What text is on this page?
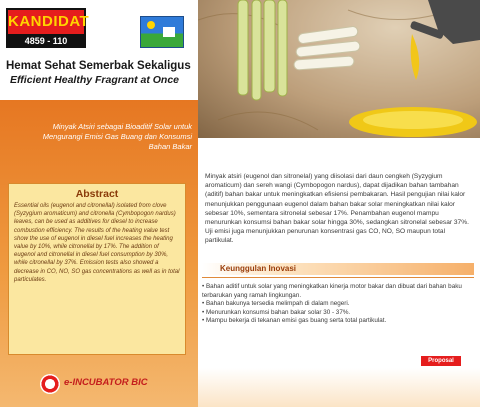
KANDIDAT
4859 - 110
Hemat Sehat Semerbak Sekaligus
Efficient Healthy Fragrant at Once
Minyak Atsiri sebagai Bioaditif Solar untuk Mengurangi Emisi Gas Buang dan Konsumsi Bahan Bakar
Abstract
Essential oils (eugenol and citronellal) isolated from clove (Syzygium aromaticum) and citronella (Cymbopogon nardus) leaves, can be used as additives for diesel to increase combustion efficiency. The results of the heating value test show the use of eugenol in diesel fuel increases the heating value by 10%, while citronellal by 17%. The addition of eugenol and citronellal in diesel fuel consumption by 30%, while citronellal by 37%. Emission tests also showed a decrease in CO, NO, SO gas concentrations as well as in total particulates.
e-INCUBATOR BIC
Minyak atsiri (eugenol dan sitronelal) yang diisolasi dari daun cengkeh (Syzygium aromaticum) dan sereh wangi (Cymbopogon nardus), dapat dijadikan bahan tambahan (aditif) bahan bakar untuk meningkatkan efisiensi pembakaran. Hasil pengujian nilai kalor menunjukkan penggunaan eugenol dalam bahan bakar solar meningkatkan nilai kalor sebesar 10%, sementara sitronelal sebesar 17%. Penambahan eugenol mampu menurunkan konsumsi bahan bakar solar hingga 30%, sedangkan sitronelal sebesar 37%. Uji emisi juga menunjukkan penurunan konsentrasi gas CO, NO, SO maupun total partikulat.
Keunggulan Inovasi
• Bahan aditif untuk solar yang meningkatkan kinerja motor bakar dan dibuat dari bahan baku terbarukan yang ramah lingkungan.
• Bahan bakunya tersedia melimpah di dalam negeri.
• Menurunkan konsumsi bahan bakar solar 30 - 37%.
• Mampu bekerja di tekanan emisi gas buang serta total partikulat.
Proposal
